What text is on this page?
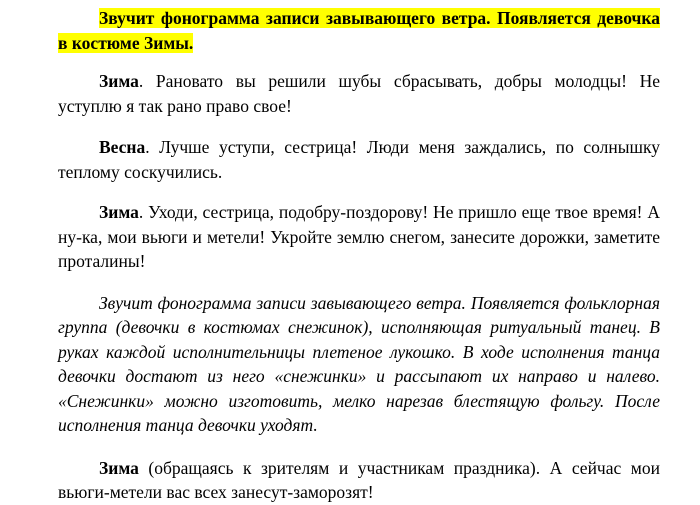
Звучит фонограмма записи завывающего ветра. Появляется девочка в костюме Зимы.

Зима. Рановато вы решили шубы сбрасывать, добры молодцы! Не уступлю я так рано право свое!

Весна. Лучше уступи, сестрица! Люди меня заждались, по солнышку теплому соскучились.

Зима. Уходи, сестрица, подобру-поздорову! Не пришло еще твое время! А ну-ка, мои вьюги и метели! Укройте землю снегом, занесите дорожки, заметите проталины!

Звучит фонограмма записи завывающего ветра. Появляется фольклорная группа (девочки в костюмах снежинок), исполняющая ритуальный танец. В руках каждой исполнительницы плетеное лукошко. В ходе исполнения танца девочки достают из него «снежинки» и рассыпают их направо и налево. «Снежинки» можно изготовить, мелко нарезав блестящую фольгу. После исполнения танца девочки уходят.

Зима (обращаясь к зрителям и участникам праздника). А сейчас мои вьюги-метели вас всех занесут-заморозят!
